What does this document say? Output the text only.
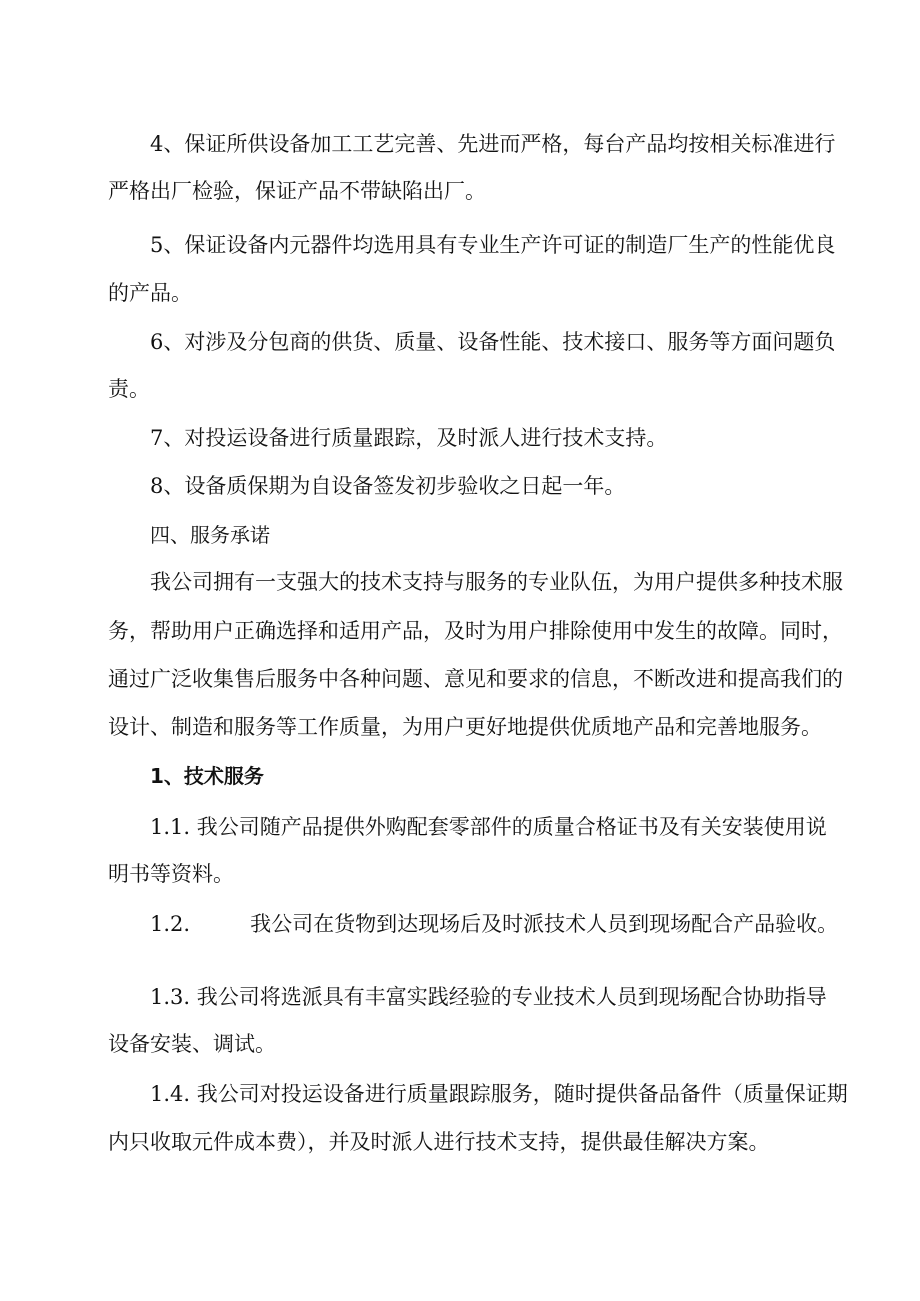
4、保证所供设备加工工艺完善、先进而严格，每台产品均按相关标准进行

严格出厂检验，保证产品不带缺陷出厂。

5、保证设备内元器件均选用具有专业生产许可证的制造厂生产的性能优良

的产品。

6、对涉及分包商的供货、质量、设备性能、技术接口、服务等方面问题负

责。

7、对投运设备进行质量跟踪，及时派人进行技术支持。

8、设备质保期为自设备签发初步验收之日起一年。

四、服务承诺

我公司拥有一支强大的技术支持与服务的专业队伍，为用户提供多种技术服

务，帮助用户正确选择和适用产品，及时为用户排除使用中发生的故障。同时，

通过广泛收集售后服务中各种问题、意见和要求的信息，不断改进和提高我们的

设计、制造和服务等工作质量，为用户更好地提供优质地产品和完善地服务。

1、技术服务

1.1. 我公司随产品提供外购配套零部件的质量合格证书及有关安装使用说

明书等资料。

1.2.	我公司在货物到达现场后及时派技术人员到现场配合产品验收。

1.3. 我公司将选派具有丰富实践经验的专业技术人员到现场配合协助指导

设备安装、调试。

1.4. 我公司对投运设备进行质量跟踪服务，随时提供备品备件（质量保证期

内只收取元件成本费），并及时派人进行技术支持，提供最佳解决方案。
